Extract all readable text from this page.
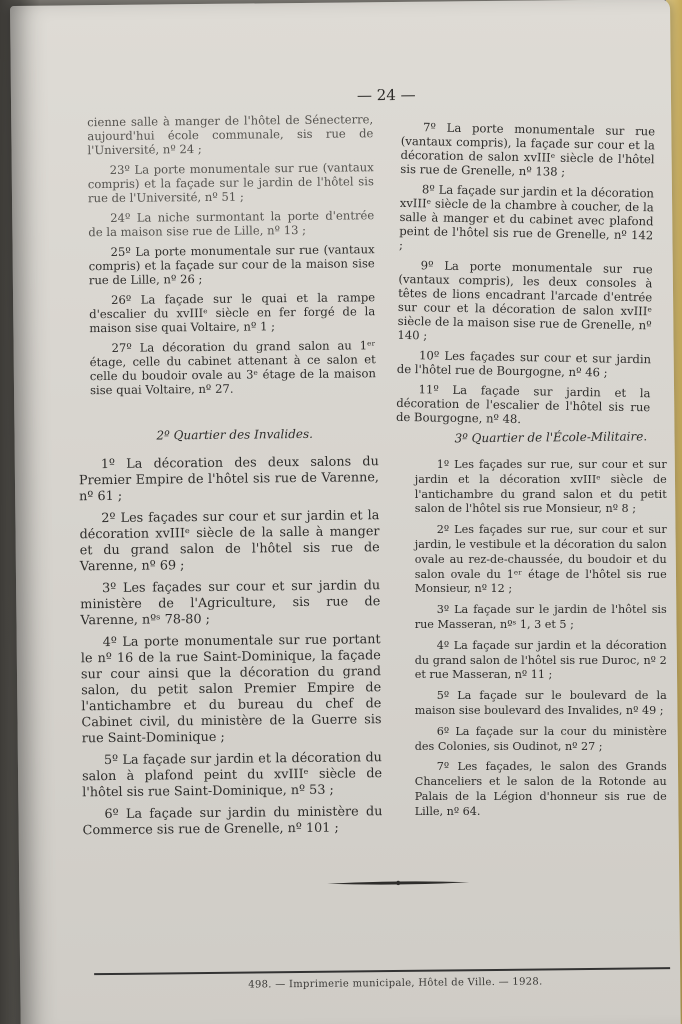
— 24 —

cienne salle à manger de l'hôtel de Sénecterre, aujourd'hui école communale, sis rue de l'Université, nº 24 ;

23º La porte monumentale sur rue (vantaux compris) et la façade sur le jardin de l'hôtel sis rue de l'Université, nº 51 ;

24º La niche surmontant la porte d'entrée de la maison sise rue de Lille, nº 13 ;

25º La porte monumentale sur rue (vantaux compris) et la façade sur cour de la maison sise rue de Lille, nº 26 ;

26º La façade sur le quai et la rampe d'escalier du xvIIIᵉ siècle en fer forgé de la maison sise quai Voltaire, nº 1 ;

27º La décoration du grand salon au 1ᵉʳ étage, celle du cabinet attenant à ce salon et celle du boudoir ovale au 3ᵉ étage de la maison sise quai Voltaire, nº 27.

7º La porte monumentale sur rue (vantaux compris), la façade sur cour et la décoration de salon xvIIIᵉ siècle de l'hôtel sis rue de Grenelle, nº 138 ;

8º La façade sur jardin et la décoration xvIIIᵉ siècle de la chambre à coucher, de la salle à manger et du cabinet avec plafond peint de l'hôtel sis rue de Grenelle, nº 142 ;

9º La porte monumentale sur rue (vantaux compris), les deux consoles à têtes de lions encadrant l'arcade d'entrée sur cour et la décoration de salon xvIIIᵉ siècle de la maison sise rue de Grenelle, nº 140 ;

10º Les façades sur cour et sur jardin de l'hôtel rue de Bourgogne, nº 46 ;

11º La façade sur jardin et la décoration de l'escalier de l'hôtel sis rue de Bourgogne, nº 48.

2º Quartier des Invalides.	3º Quartier de l'École-Militaire.

1º La décoration des deux salons du Premier Empire de l'hôtel sis rue de Varenne, nº 61 ;

2º Les façades sur cour et sur jardin et la décoration xvIIIᵉ siècle de la salle à manger et du grand salon de l'hôtel sis rue de Varenne, nº 69 ;

3º Les façades sur cour et sur jardin du ministère de l'Agriculture, sis rue de Varenne, nºˢ 78-80 ;

4º La porte monumentale sur rue portant le nº 16 de la rue Saint-Dominique, la façade sur cour ainsi que la décoration du grand salon, du petit salon Premier Empire de l'antichambre et du bureau du chef de Cabinet civil, du ministère de la Guerre sis rue Saint-Dominique ;

5º La façade sur jardin et la décoration du salon à plafond peint du xvIIIᵉ siècle de l'hôtel sis rue Saint-Dominique, nº 53 ;

6º La façade sur jardin du ministère du Commerce sis rue de Grenelle, nº 101 ;

1º Les façades sur rue, sur cour et sur jardin et la décoration xvIIIᵉ siècle de l'antichambre du grand salon et du petit salon de l'hôtel sis rue Monsieur, nº 8 ;

2º Les façades sur rue, sur cour et sur jardin, le vestibule et la décoration du salon ovale au rez-de-chaussée, du boudoir et du salon ovale du 1ᵉʳ étage de l'hôtel sis rue Monsieur, nº 12 ;

3º La façade sur le jardin de l'hôtel sis rue Masseran, nºˢ 1, 3 et 5 ;

4º La façade sur jardin et la décoration du grand salon de l'hôtel sis rue Duroc, nº 2 et rue Masseran, nº 11 ;

5º La façade sur le boulevard de la maison sise boulevard des Invalides, nº 49 ;

6º La façade sur la cour du ministère des Colonies, sis Oudinot, nº 27 ;

7º Les façades, le salon des Grands Chanceliers et le salon de la Rotonde au Palais de la Légion d'honneur sis rue de Lille, nº 64.

498. — Imprimerie municipale, Hôtel de Ville. — 1928.
